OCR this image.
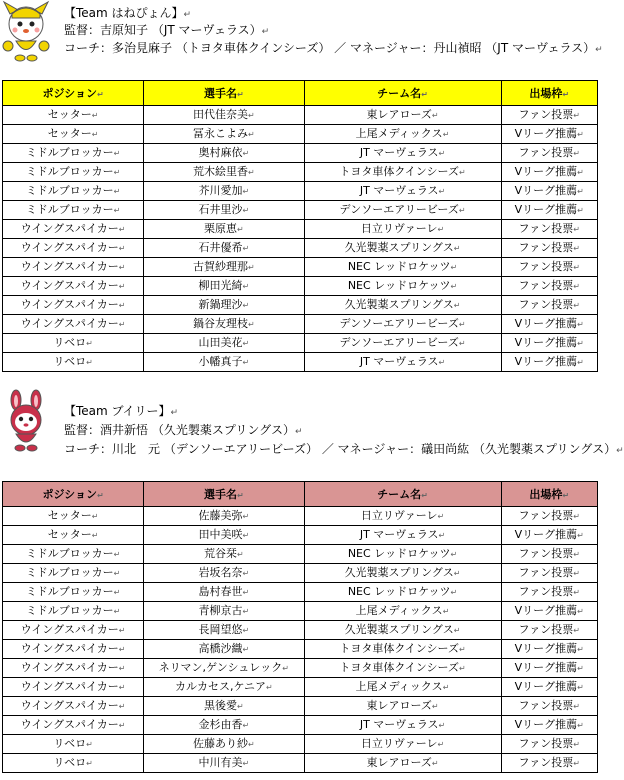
【Team はねぴょん】↵
監督：吉原知子 （JT マーヴェラス）↵
コーチ：多治見麻子 （トヨタ車体クインシーズ） ／ マネージャー：丹山禎昭 （JT マーヴェラス）↵
ポジション↵	選手名↵	チーム名↵	出場枠↵
セッター↵	田代佳奈美↵	東レアローズ↵	ファン投票↵
セッター↵	冨永こよみ↵	上尾メディックス↵	Vリーグ推薦↵
ミドルブロッカー↵	奥村麻依↵	JT マーヴェラス↵	ファン投票↵
ミドルブロッカー↵	荒木絵里香↵	トヨタ車体クインシーズ↵	Vリーグ推薦↵
ミドルブロッカー↵	芥川愛加↵	JT マーヴェラス↵	Vリーグ推薦↵
ミドルブロッカー↵	石井里沙↵	デンソーエアリービーズ↵	Vリーグ推薦↵
ウイングスパイカー↵	栗原恵↵	日立リヴァーレ↵	ファン投票↵
ウイングスパイカー↵	石井優希↵	久光製薬スプリングス↵	ファン投票↵
ウイングスパイカー↵	古賀紗理那↵	NEC レッドロケッツ↵	ファン投票↵
ウイングスパイカー↵	柳田光綺↵	NEC レッドロケッツ↵	ファン投票↵
ウイングスパイカー↵	新鍋理沙↵	久光製薬スプリングス↵	ファン投票↵
ウイングスパイカー↵	鍋谷友理枝↵	デンソーエアリービーズ↵	Vリーグ推薦↵
リベロ↵	山田美花↵	デンソーエアリービーズ↵	Vリーグ推薦↵
リベロ↵	小幡真子↵	JT マーヴェラス↵	Vリーグ推薦↵
【Team ブイリー】↵
監督：酒井新悟 （久光製薬スプリングス）↵
コーチ：川北　元 （デンソーエアリービーズ） ／ マネージャー：礒田尚紘 （久光製薬スプリングス）↵
ポジション↵	選手名↵	チーム名↵	出場枠↵
セッター↵	佐藤美弥↵	日立リヴァーレ↵	ファン投票↵
セッター↵	田中美咲↵	JT マーヴェラス↵	Vリーグ推薦↵
ミドルブロッカー↵	荒谷栞↵	NEC レッドロケッツ↵	ファン投票↵
ミドルブロッカー↵	岩坂名奈↵	久光製薬スプリングス↵	ファン投票↵
ミドルブロッカー↵	島村春世↵	NEC レッドロケッツ↵	ファン投票↵
ミドルブロッカー↵	青柳京古↵	上尾メディックス↵	Vリーグ推薦↵
ウイングスパイカー↵	長岡望悠↵	久光製薬スプリングス↵	ファン投票↵
ウイングスパイカー↵	高橋沙織↵	トヨタ車体クインシーズ↵	Vリーグ推薦↵
ウイングスパイカー↵	ネリマン,ゲンシュレック↵	トヨタ車体クインシーズ↵	Vリーグ推薦↵
ウイングスパイカー↵	カルカセス,ケニア↵	上尾メディックス↵	Vリーグ推薦↵
ウイングスパイカー↵	黒後愛↵	東レアローズ↵	ファン投票↵
ウイングスパイカー↵	金杉由香↵	JT マーヴェラス↵	Vリーグ推薦↵
リベロ↵	佐藤あり紗↵	日立リヴァーレ↵	ファン投票↵
リベロ↵	中川有美↵	東レアローズ↵	ファン投票↵
